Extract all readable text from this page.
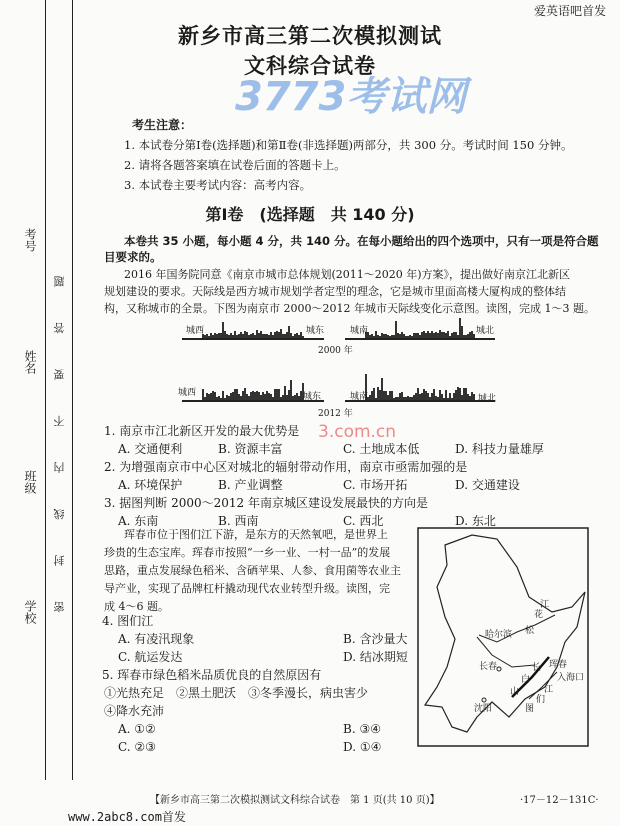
爱英语吧首发
新乡市高三第二次模拟测试
文科综合试卷
考号
姓名
班级
学校 密 封 线 内 不 要 答 题
3773考试网
考生注意：
1. 本试卷分第Ⅰ卷(选择题)和第Ⅱ卷(非选择题)两部分，共 300 分。考试时间 150 分钟。
2. 请将各题答案填在试卷后面的答题卡上。
3. 本试卷主要考试内容：高考内容。
第Ⅰ卷　(选择题　共 140 分)
本卷共 35 小题，每小题 4 分，共 140 分。在每小题给出的四个选项中，只有一项是符合题
目要求的。
2016 年国务院同意《南京市城市总体规划(2011～2020 年)方案》，提出做好南京江北新区
规划建设的要求。天际线是西方城市规划学者定型的理念，它是城市里面高楼大厦构成的整体结
构，又称城市的全景。下图为南京市 2000～2012 年城市天际线变化示意图。读图，完成 1～3 题。
城西	城东	城南	城北
2000 年
城西	城东	城南	城北
2012 年
3.com.cn
1. 南京市江北新区开发的最大优势是
A. 交通便利	B. 资源丰富	C. 土地成本低	D. 科技力量雄厚
2. 为增强南京市中心区对城北的辐射带动作用，南京市亟需加强的是
A. 环境保护	B. 产业调整	C. 市场开拓	D. 交通建设
3. 据图判断 2000～2012 年南京城区建设发展最快的方向是
A. 东南	B. 西南	C. 西北	D. 东北
珲春市位于图们江下游，是东方的天然氧吧，是世界上
珍贵的生态宝库。珲春市按照“一乡一业、一村一品”的发展
思路，重点发展绿色稻米、含硒苹果、人参、食用菌等农业主
导产业，实现了品牌杠杆撬动现代农业转型升级。读图，完
成 4～6 题。
4. 图们江
A. 有凌汛现象	B. 含沙量大
C. 航运发达	D. 结冰期短
5. 珲春市绿色稻米品质优良的自然原因有
①光热充足　②黑土肥沃　③冬季漫长，病虫害少
④降水充沛
A. ①②	B. ③④
C. ②③	D. ①④
哈尔滨
长春
沈阳
珲春
入海口
松
花
江
长
白
山
图
们
江
【新乡市高三第二次模拟测试文科综合试卷　第 1 页(共 10 页)】	·17－12－131C·
www.2abc8.com首发
